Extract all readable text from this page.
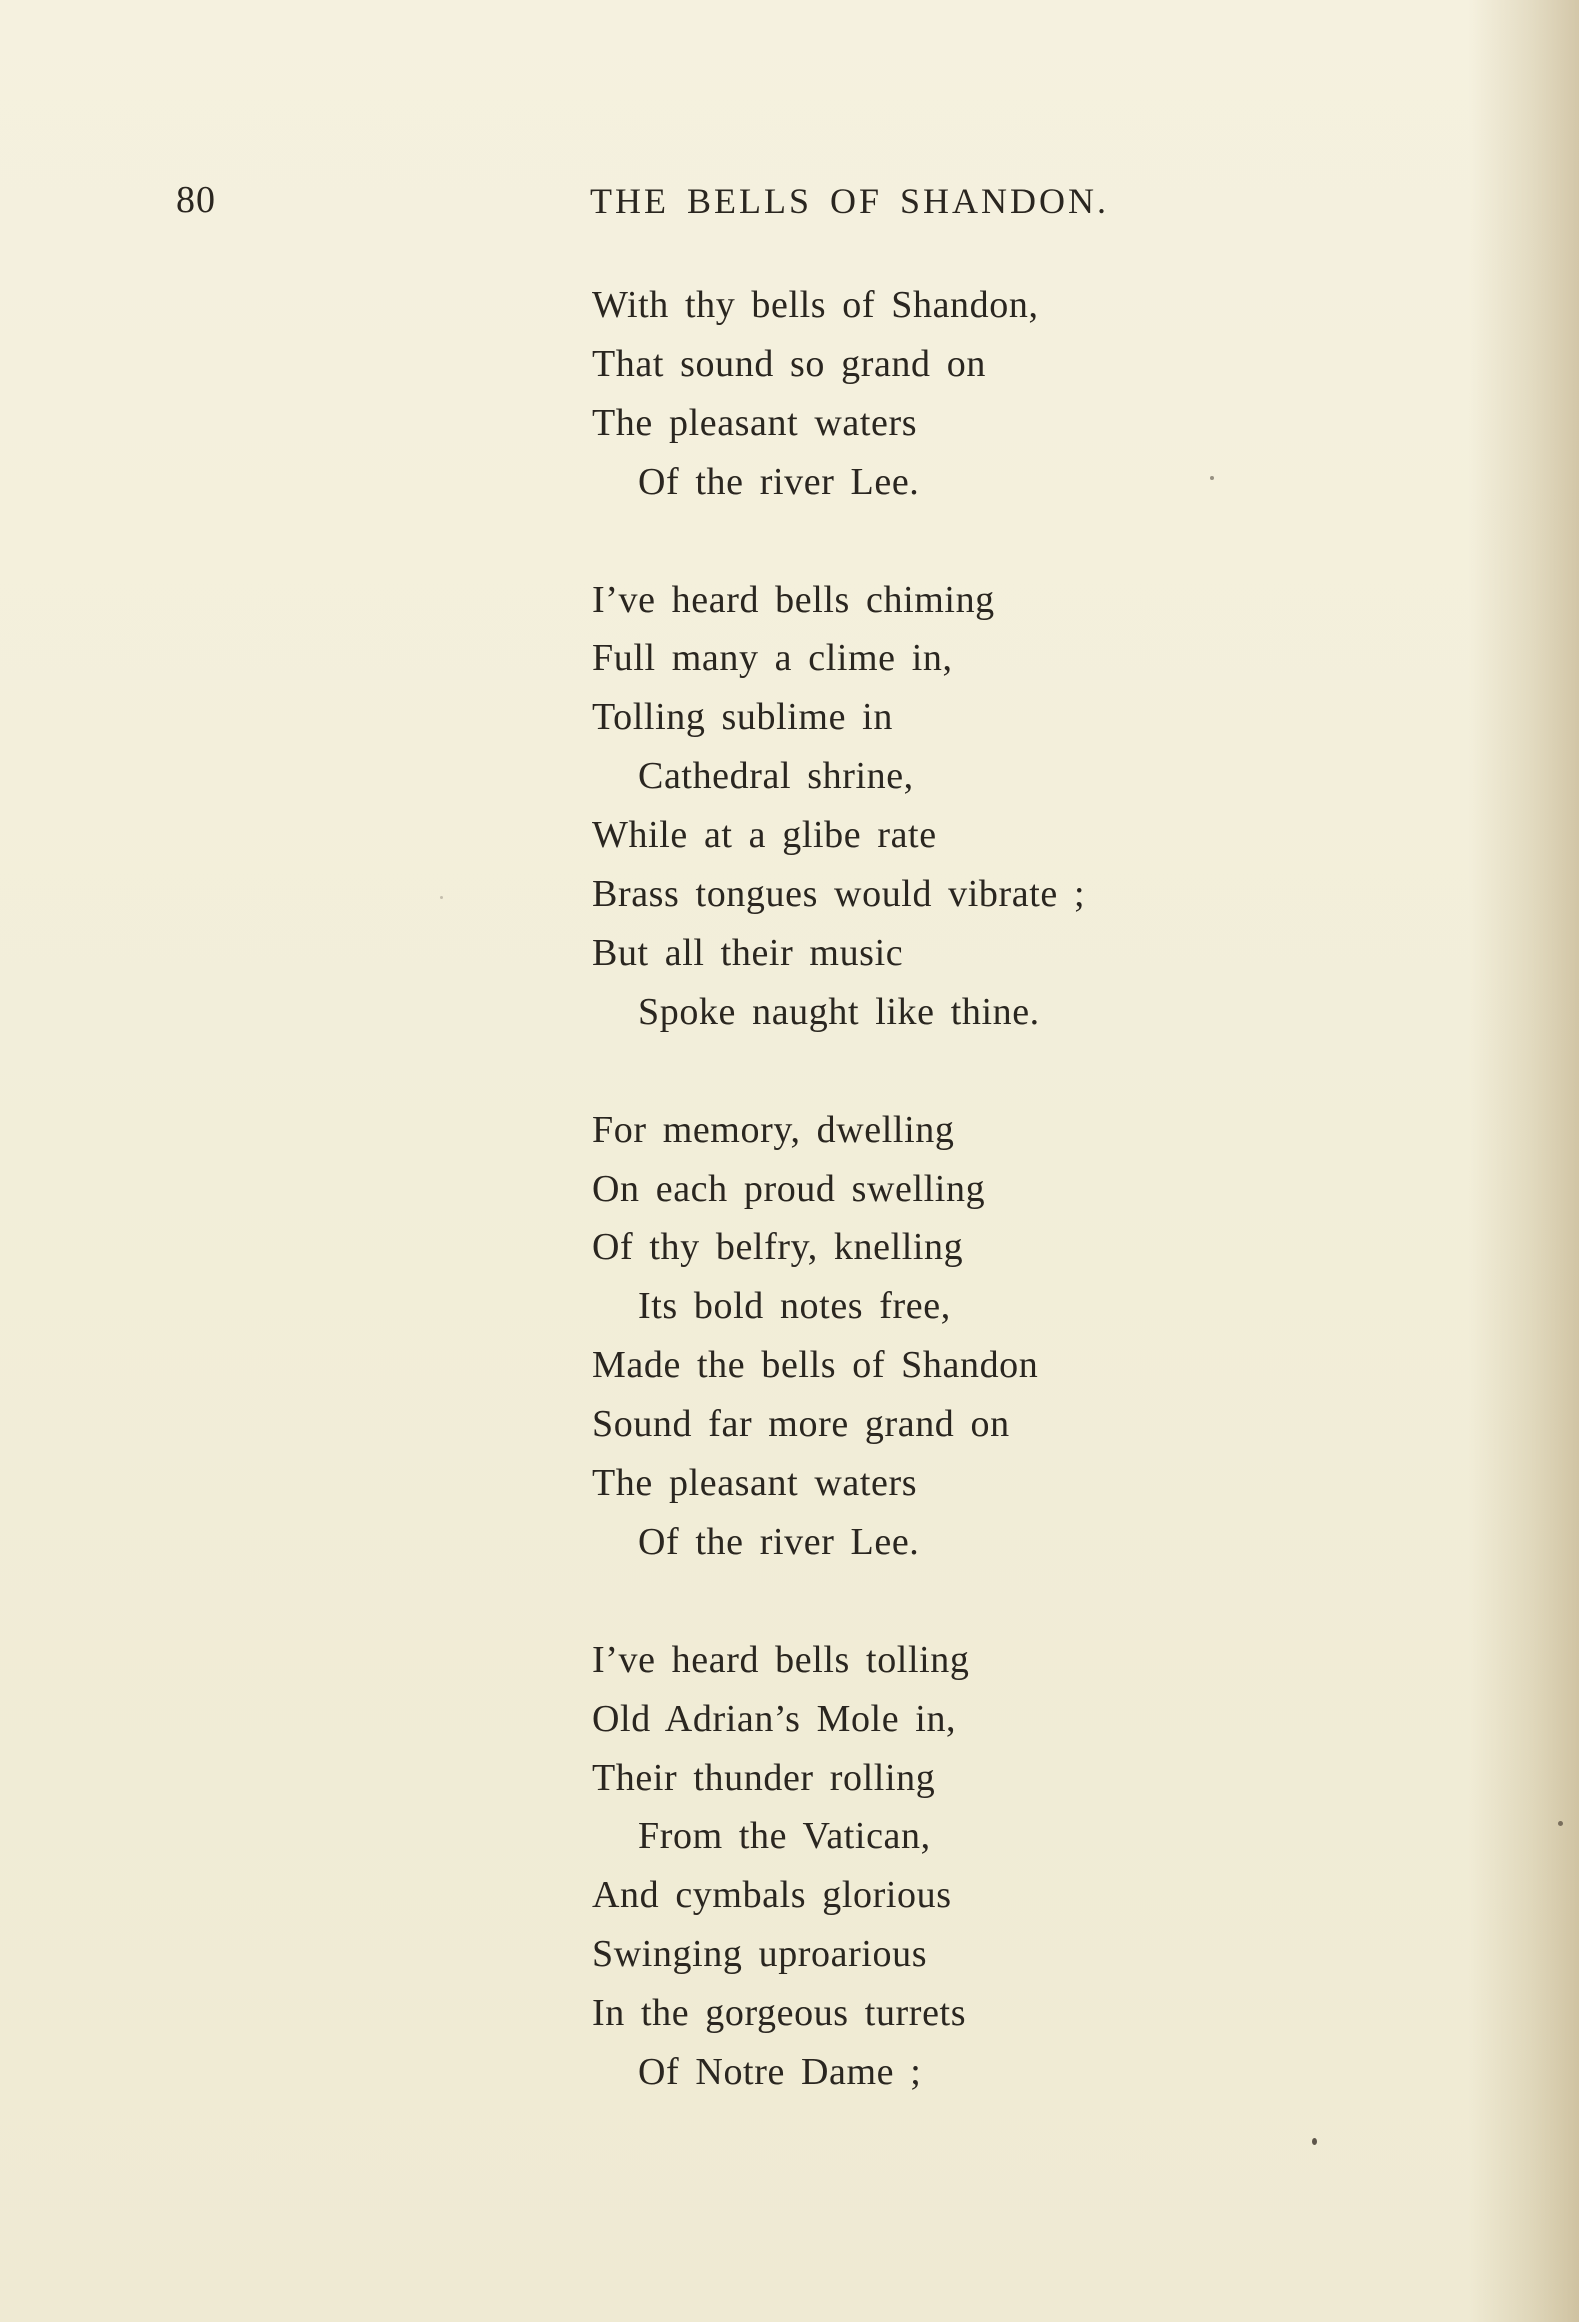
80	THE BELLS OF SHANDON.
With thy bells of Shandon,
That sound so grand on
The pleasant waters
Of the river Lee.
I’ve heard bells chiming
Full many a clime in,
Tolling sublime in
Cathedral shrine,
While at a glibe rate
Brass tongues would vibrate ;
But all their music
Spoke naught like thine.
For memory, dwelling
On each proud swelling
Of thy belfry, knelling
Its bold notes free,
Made the bells of Shandon
Sound far more grand on
The pleasant waters
Of the river Lee.
I’ve heard bells tolling
Old Adrian’s Mole in,
Their thunder rolling
From the Vatican,
And cymbals glorious
Swinging uproarious
In the gorgeous turrets
Of Notre Dame ;
